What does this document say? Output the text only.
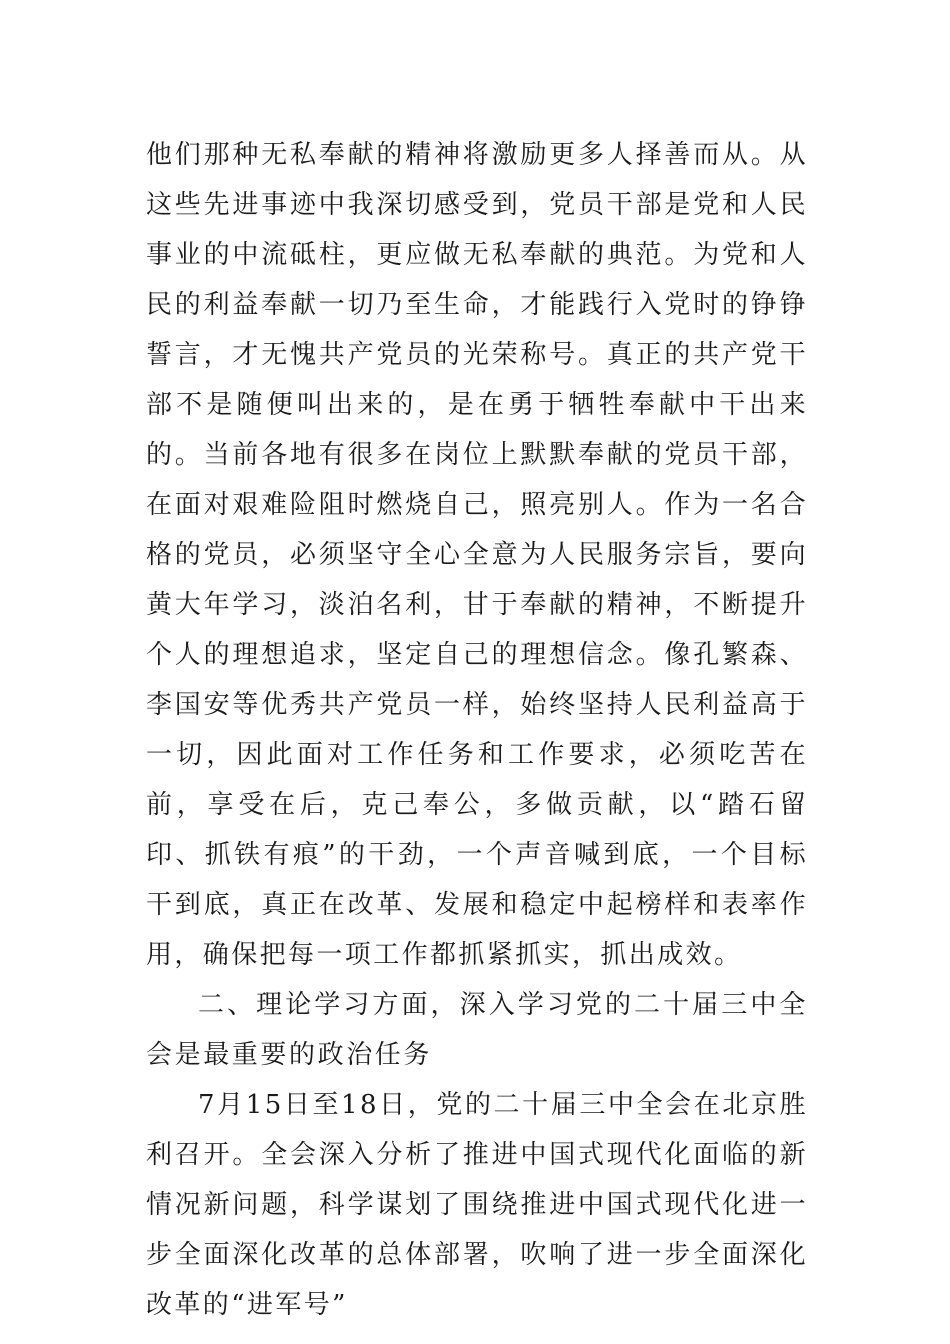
他们那种无私奉献的精神将激励更多人择善而从。从这些先进事迹中我深切感受到，党员干部是党和人民事业的中流砥柱，更应做无私奉献的典范。为党和人民的利益奉献一切乃至生命，才能践行入党时的铮铮誓言，才无愧共产党员的光荣称号。真正的共产党干部不是随便叫出来的，是在勇于牺牲奉献中干出来的。当前各地有很多在岗位上默默奉献的党员干部，在面对艰难险阻时燃烧自己，照亮别人。作为一名合格的党员，必须坚守全心全意为人民服务宗旨，要向黄大年学习，淡泊名利，甘于奉献的精神，不断提升个人的理想追求，坚定自己的理想信念。像孔繁森、李国安等优秀共产党员一样，始终坚持人民利益高于一切，因此面对工作任务和工作要求，必须吃苦在前，享受在后，克己奉公，多做贡献，以“踏石留印、抓铁有痕”的干劲，一个声音喊到底，一个目标干到底，真正在改革、发展和稳定中起榜样和表率作用，确保把每一项工作都抓紧抓实，抓出成效。

二、理论学习方面，深入学习党的二十届三中全会是最重要的政治任务

7月15日至18日，党的二十届三中全会在北京胜利召开。全会深入分析了推进中国式现代化面临的新情况新问题，科学谋划了围绕推进中国式现代化进一步全面深化改革的总体部署，吹响了进一步全面深化改革的“进军号”
